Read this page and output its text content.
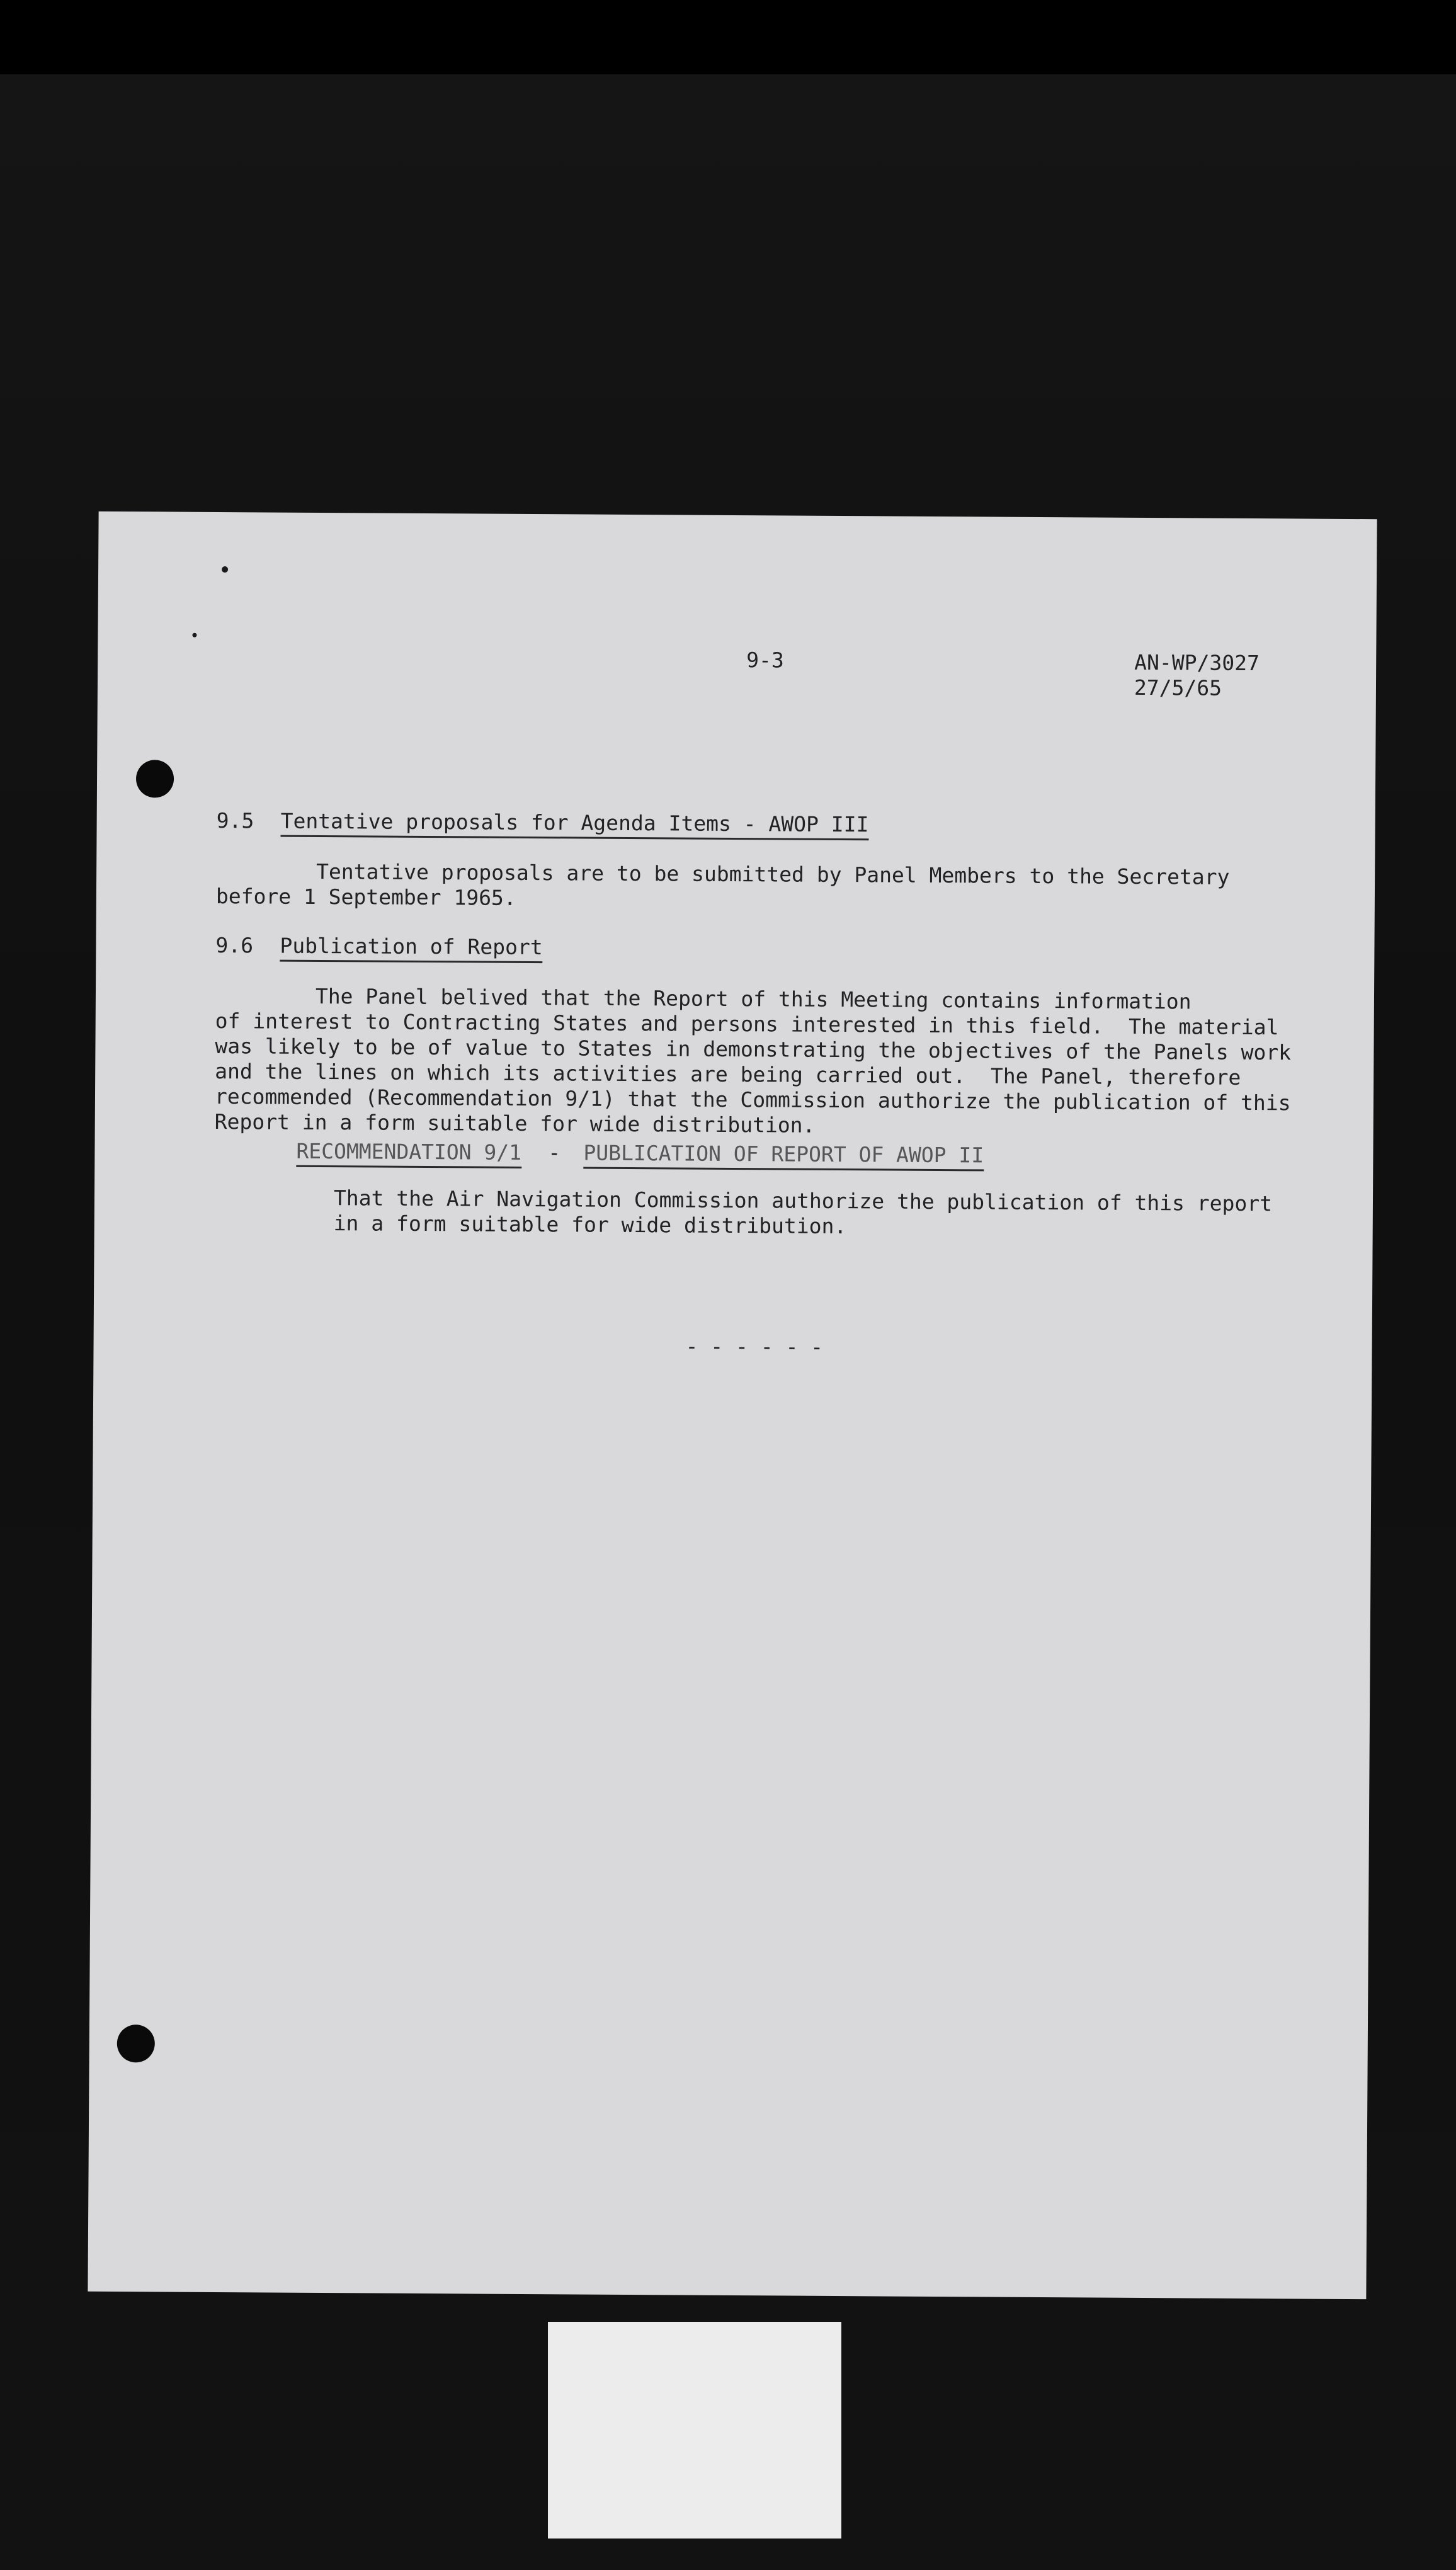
9-3	AN-WP/3027
27/5/65
9.5 Tentative proposals for Agenda Items - AWOP III
Tentative proposals are to be submitted by Panel Members to the Secretary
before 1 September 1965.
9.6 Publication of Report
The Panel belived that the Report of this Meeting contains information
of interest to Contracting States and persons interested in this field.  The material
was likely to be of value to States in demonstrating the objectives of the Panels work
and the lines on which its activities are being carried out.  The Panel, therefore
recommended (Recommendation 9/1) that the Commission authorize the publication of this
Report in a form suitable for wide distribution.
RECOMMENDATION 9/1 - PUBLICATION OF REPORT OF AWOP II
That the Air Navigation Commission authorize the publication of this report
in a form suitable for wide distribution.
- - - - - -
